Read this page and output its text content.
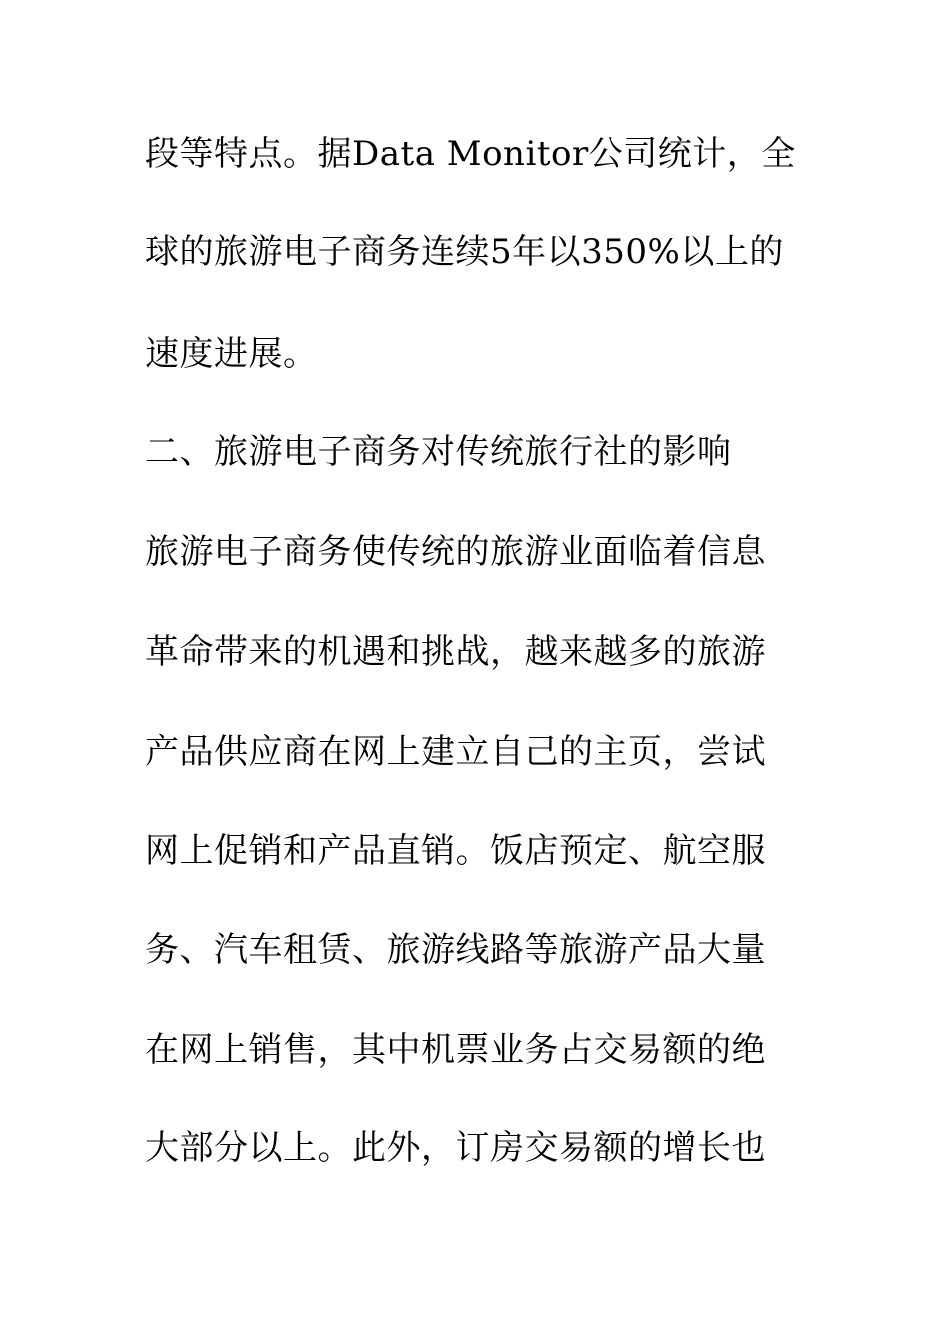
段等特点。据Data Monitor公司统计，全

球的旅游电子商务连续5年以350%以上的

速度进展。

二、旅游电子商务对传统旅行社的影响

旅游电子商务使传统的旅游业面临着信息

革命带来的机遇和挑战，越来越多的旅游

产品供应商在网上建立自己的主页，尝试

网上促销和产品直销。饭店预定、航空服

务、汽车租赁、旅游线路等旅游产品大量

在网上销售，其中机票业务占交易额的绝

大部分以上。此外，订房交易额的增长也
